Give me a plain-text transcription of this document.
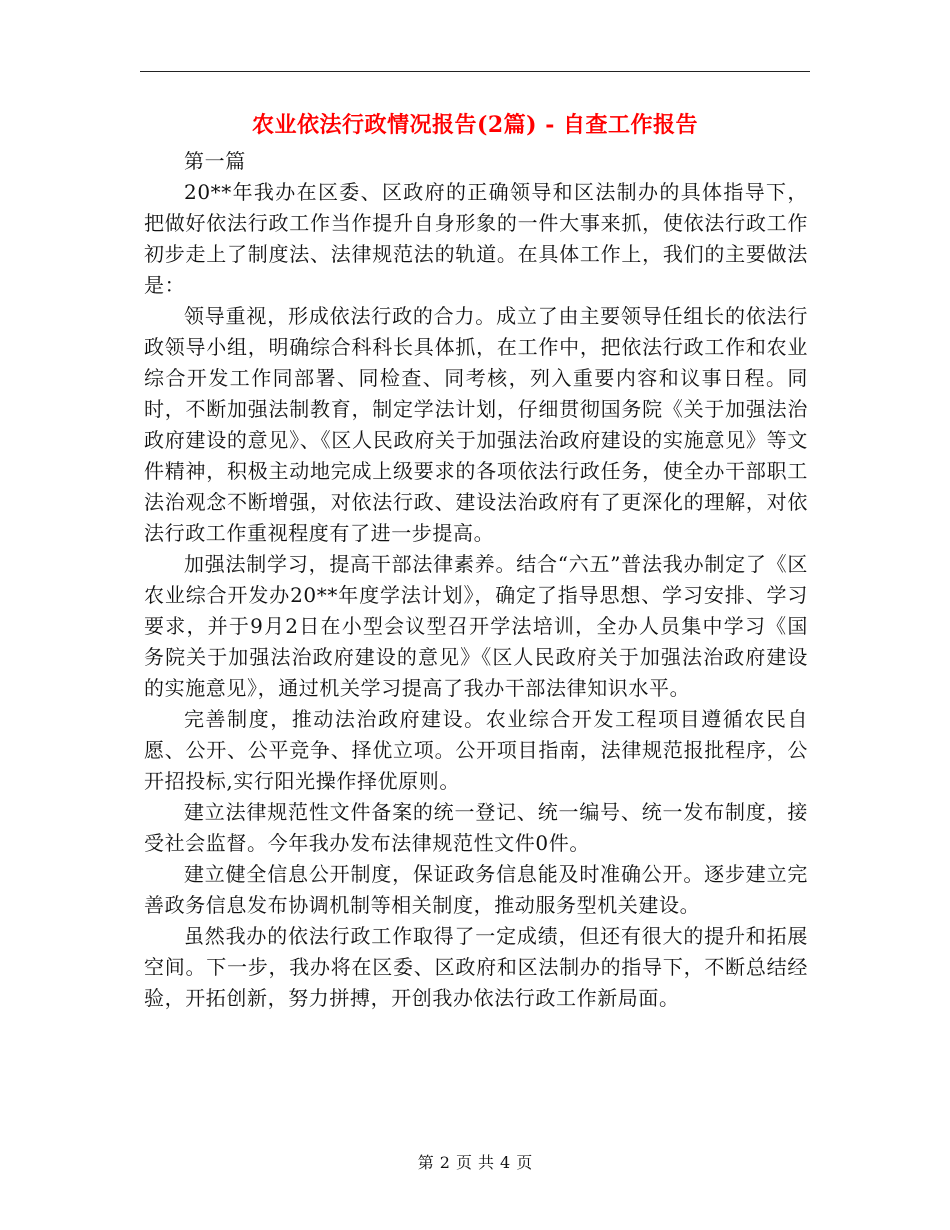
农业依法行政情况报告(2篇) - 自查工作报告

第一篇

20**年我办在区委、区政府的正确领导和区法制办的具体指导下，把做好依法行政工作当作提升自身形象的一件大事来抓，使依法行政工作初步走上了制度法、法律规范法的轨道。在具体工作上，我们的主要做法是：

领导重视，形成依法行政的合力。成立了由主要领导任组长的依法行政领导小组，明确综合科科长具体抓，在工作中，把依法行政工作和农业综合开发工作同部署、同检查、同考核，列入重要内容和议事日程。同时，不断加强法制教育，制定学法计划，仔细贯彻国务院《关于加强法治政府建设的意见》、《区人民政府关于加强法治政府建设的实施意见》等文件精神，积极主动地完成上级要求的各项依法行政任务，使全办干部职工法治观念不断增强，对依法行政、建设法治政府有了更深化的理解，对依法行政工作重视程度有了进一步提高。

加强法制学习，提高干部法律素养。结合“六五”普法我办制定了《区农业综合开发办20**年度学法计划》，确定了指导思想、学习安排、学习要求，并于9月2日在小型会议型召开学法培训，全办人员集中学习《国务院关于加强法治政府建设的意见》《区人民政府关于加强法治政府建设的实施意见》，通过机关学习提高了我办干部法律知识水平。

完善制度，推动法治政府建设。农业综合开发工程项目遵循农民自愿、公开、公平竞争、择优立项。公开项目指南，法律规范报批程序，公开招投标,实行阳光操作择优原则。

建立法律规范性文件备案的统一登记、统一编号、统一发布制度，接受社会监督。今年我办发布法律规范性文件0件。

建立健全信息公开制度，保证政务信息能及时准确公开。逐步建立完善政务信息发布协调机制等相关制度，推动服务型机关建设。

虽然我办的依法行政工作取得了一定成绩，但还有很大的提升和拓展空间。下一步，我办将在区委、区政府和区法制办的指导下，不断总结经验，开拓创新，努力拼搏，开创我办依法行政工作新局面。

第 2 页 共 4 页
